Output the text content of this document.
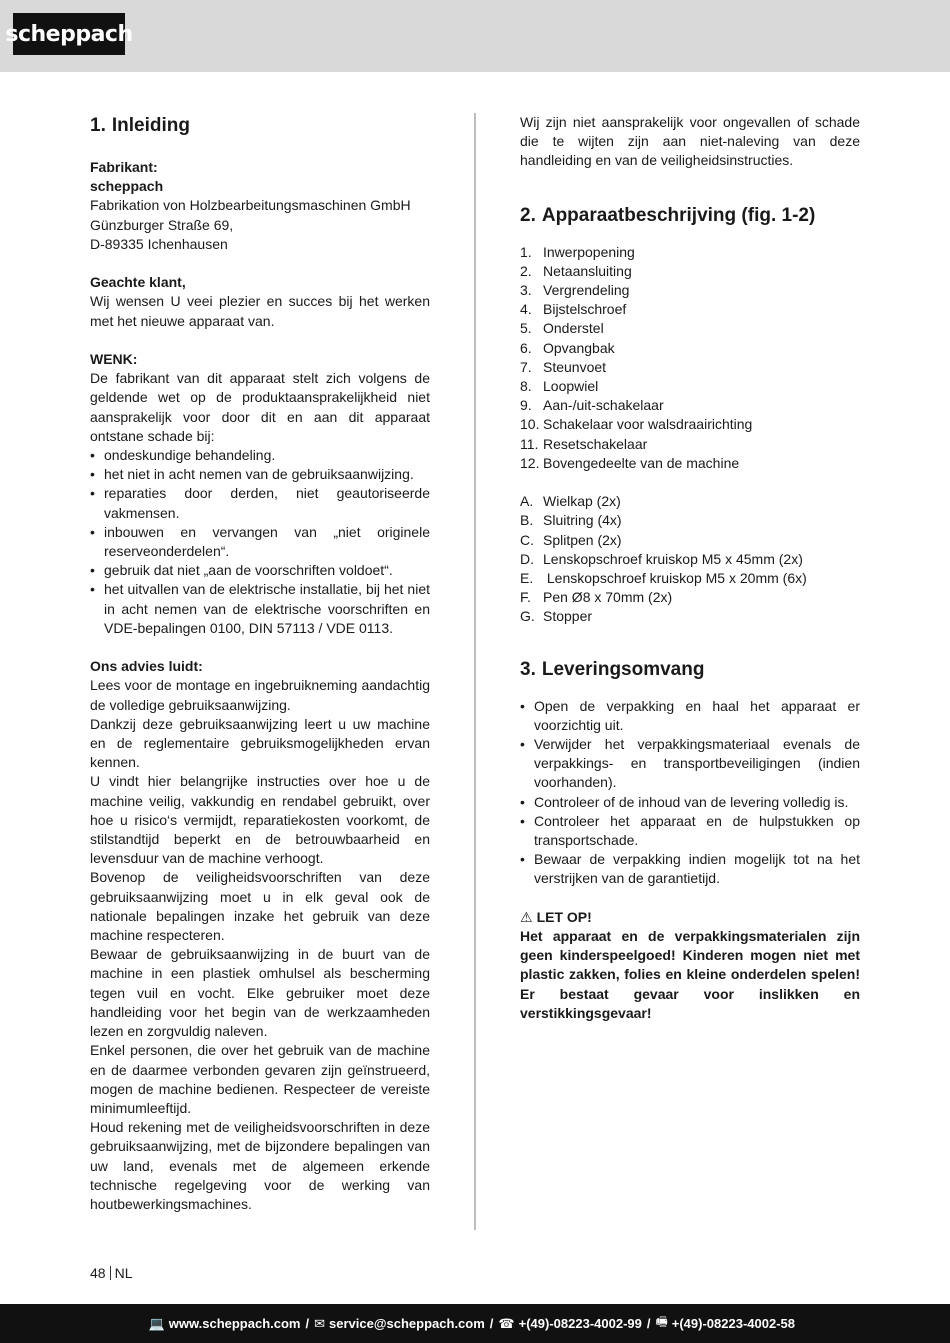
scheppach
1. Inleiding

Fabrikant:

scheppach

Fabrikation von Holzbearbeitungsmaschinen GmbH

Günzburger Straße 69,

D-89335 Ichenhausen

Geachte klant,

Wij wensen U veei plezier en succes bij het werken met het nieuwe apparaat van.

WENK:

De fabrikant van dit apparaat stelt zich volgens de geldende wet op de produktaansprakelijkheid niet aansprakelijk voor door dit en aan dit apparaat ontstane schade bij:

• ondeskundige behandeling.
• het niet in acht nemen van de gebruiksaanwijzing.
• reparaties door derden, niet geautoriseerde vakmensen.
• inbouwen en vervangen van „niet originele reserveonderdelen“.
• gebruik dat niet „aan de voorschriften voldoet“.
• het uitvallen van de elektrische installatie, bij het niet in acht nemen van de elektrische voorschriften en VDE-bepalingen 0100, DIN 57113 / VDE 0113.

Ons advies luidt:

Lees voor de montage en ingebruikneming aandachtig de volledige gebruiksaanwijzing.

Dankzij deze gebruiksaanwijzing leert u uw machine en de reglementaire gebruiksmogelijkheden ervan kennen.

U vindt hier belangrijke instructies over hoe u de machine veilig, vakkundig en rendabel gebruikt, over hoe u risico‘s vermijdt, reparatiekosten voorkomt, de stilstandtijd beperkt en de betrouwbaarheid en levensduur van de machine verhoogt.

Bovenop de veiligheidsvoorschriften van deze gebruiksaanwijzing moet u in elk geval ook de nationale bepalingen inzake het gebruik van deze machine respecteren.

Bewaar de gebruiksaanwijzing in de buurt van de machine in een plastiek omhulsel als bescherming tegen vuil en vocht. Elke gebruiker moet deze handleiding voor het begin van de werkzaamheden lezen en zorgvuldig naleven.

Enkel personen, die over het gebruik van de machine en de daarmee verbonden gevaren zijn geïnstrueerd, mogen de machine bedienen. Respecteer de vereiste minimumleeftijd.

Houd rekening met de veiligheidsvoorschriften in deze gebruiksaanwijzing, met de bijzondere bepalingen van uw land, evenals met de algemeen erkende technische regelgeving voor de werking van houtbewerkingsmachines.

Wij zijn niet aansprakelijk voor ongevallen of schade die te wijten zijn aan niet-naleving van deze handleiding en van de veiligheidsinstructies.

2. Apparaatbeschrijving (fig. 1-2)
1. Inwerpopening
2. Netaansluiting
3. Vergrendeling
4. Bijstelschroef
5. Onderstel
6. Opvangbak
7. Steunvoet
8. Loopwiel
9. Aan-/uit-schakelaar
10. Schakelaar voor walsdraairichting
11. Resetschakelaar
12. Bovengedeelte van de machine
A. Wielkap (2x)
B. Sluitring (4x)
C. Splitpen (2x)
D. Lenskopschroef kruiskop M5 x 45mm (2x)
E. Lenskopschroef kruiskop M5 x 20mm (6x)
F. Pen Ø8 x 70mm (2x)
G. Stopper
3. Leveringsomvang
• Open de verpakking en haal het apparaat er voorzichtig uit.
• Verwijder het verpakkingsmateriaal evenals de verpakkings- en transportbeveiligingen (indien voorhanden).
• Controleer of de inhoud van de levering volledig is.
• Controleer het apparaat en de hulpstukken op transportschade.
• Bewaar de verpakking indien mogelijk tot na het verstrijken van de garantietijd.
⚠ LET OP!

Het apparaat en de verpakkingsmaterialen zijn geen kinderspeelgoed! Kinderen mogen niet met plastic zakken, folies en kleine onderdelen spelen! Er bestaat gevaar voor inslikken en verstikkingsgevaar!

48 NL
💻 www.scheppach.com / ✉ service@scheppach.com / ☎ +(49)-08223-4002-99 / 🖷 +(49)-08223-4002-58
